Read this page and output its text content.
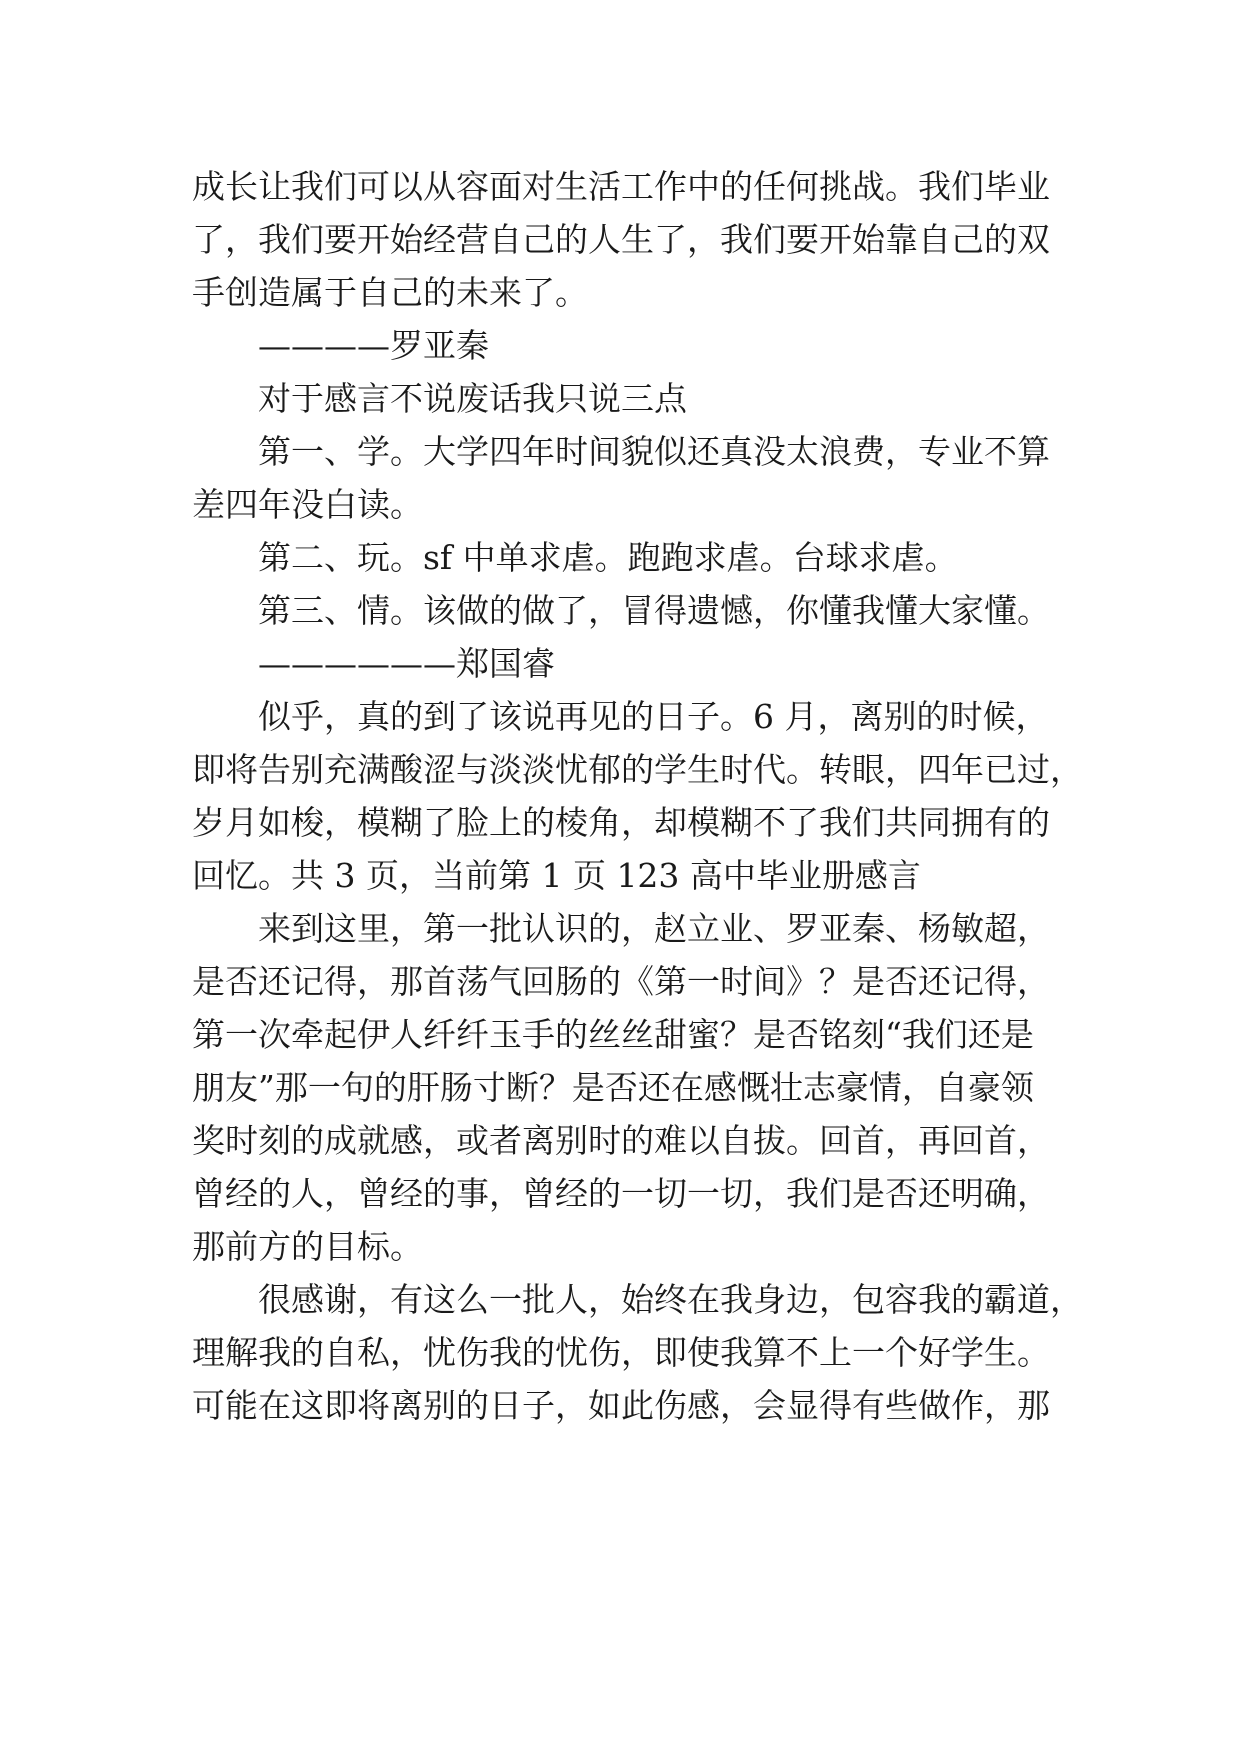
成长让我们可以从容面对生活工作中的任何挑战。我们毕业
了，我们要开始经营自己的人生了，我们要开始靠自己的双
手创造属于自己的未来了。
————罗亚秦
对于感言不说废话我只说三点
第一、学。大学四年时间貌似还真没太浪费，专业不算
差四年没白读。
第二、玩。sf 中单求虐。跑跑求虐。台球求虐。
第三、情。该做的做了，冒得遗憾，你懂我懂大家懂。
——————郑国睿
似乎，真的到了该说再见的日子。6 月，离别的时候，
即将告别充满酸涩与淡淡忧郁的学生时代。转眼，四年已过，
岁月如梭，模糊了脸上的棱角，却模糊不了我们共同拥有的
回忆。共 3 页，当前第 1 页 123 高中毕业册感言
来到这里，第一批认识的，赵立业、罗亚秦、杨敏超，
是否还记得，那首荡气回肠的《第一时间》？是否还记得，
第一次牵起伊人纤纤玉手的丝丝甜蜜？是否铭刻“我们还是
朋友”那一句的肝肠寸断？是否还在感慨壮志豪情，自豪领
奖时刻的成就感，或者离别时的难以自拔。回首，再回首，
曾经的人，曾经的事，曾经的一切一切，我们是否还明确，
那前方的目标。
很感谢，有这么一批人，始终在我身边，包容我的霸道，
理解我的自私，忧伤我的忧伤，即使我算不上一个好学生。
可能在这即将离别的日子，如此伤感，会显得有些做作，那
